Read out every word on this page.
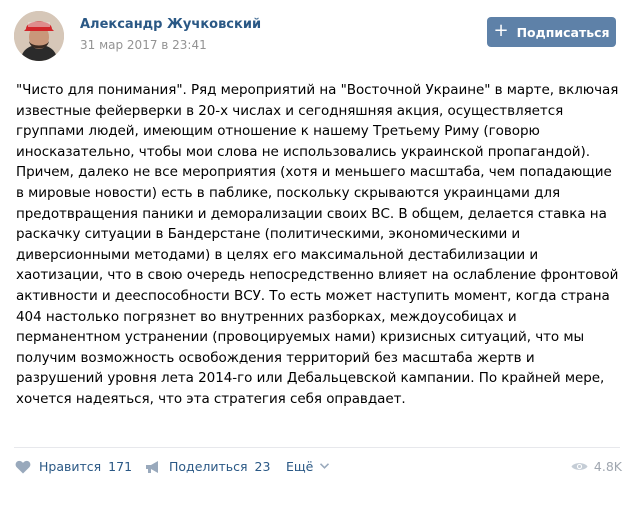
Александр Жучковский
31 мар 2017 в 23:41
+ Подписаться
"Чисто для понимания". Ряд мероприятий на "Восточной Украине" в марте, включая известные фейерверки в 20-х числах и сегодняшняя акция, осуществляется группами людей, имеющим отношение к нашему Третьему Риму (говорю иносказательно, чтобы мои слова не использовались украинской пропагандой). Причем, далеко не все мероприятия (хотя и меньшего масштаба, чем попадающие в мировые новости) есть в паблике, поскольку скрываются украинцами для предотвращения паники и деморализации своих ВС. В общем, делается ставка на раскачку ситуации в Бандерстане (политическими, экономическими и диверсионными методами) в целях его максимальной дестабилизации и хаотизации, что в свою очередь непосредственно влияет на ослабление фронтовой активности и дееспособности ВСУ. То есть может наступить момент, когда страна 404 настолько погрязнет во внутренних разборках, междоусобицах и перманентном устранении (провоцируемых нами) кризисных ситуаций, что мы получим возможность освобождения территорий без масштаба жертв и разрушений уровня лета 2014-го или Дебальцевской кампании. По крайней мере, хочется надеяться, что эта стратегия себя оправдает.
Нравится 171	Поделиться 23 Ещё	4.8K
